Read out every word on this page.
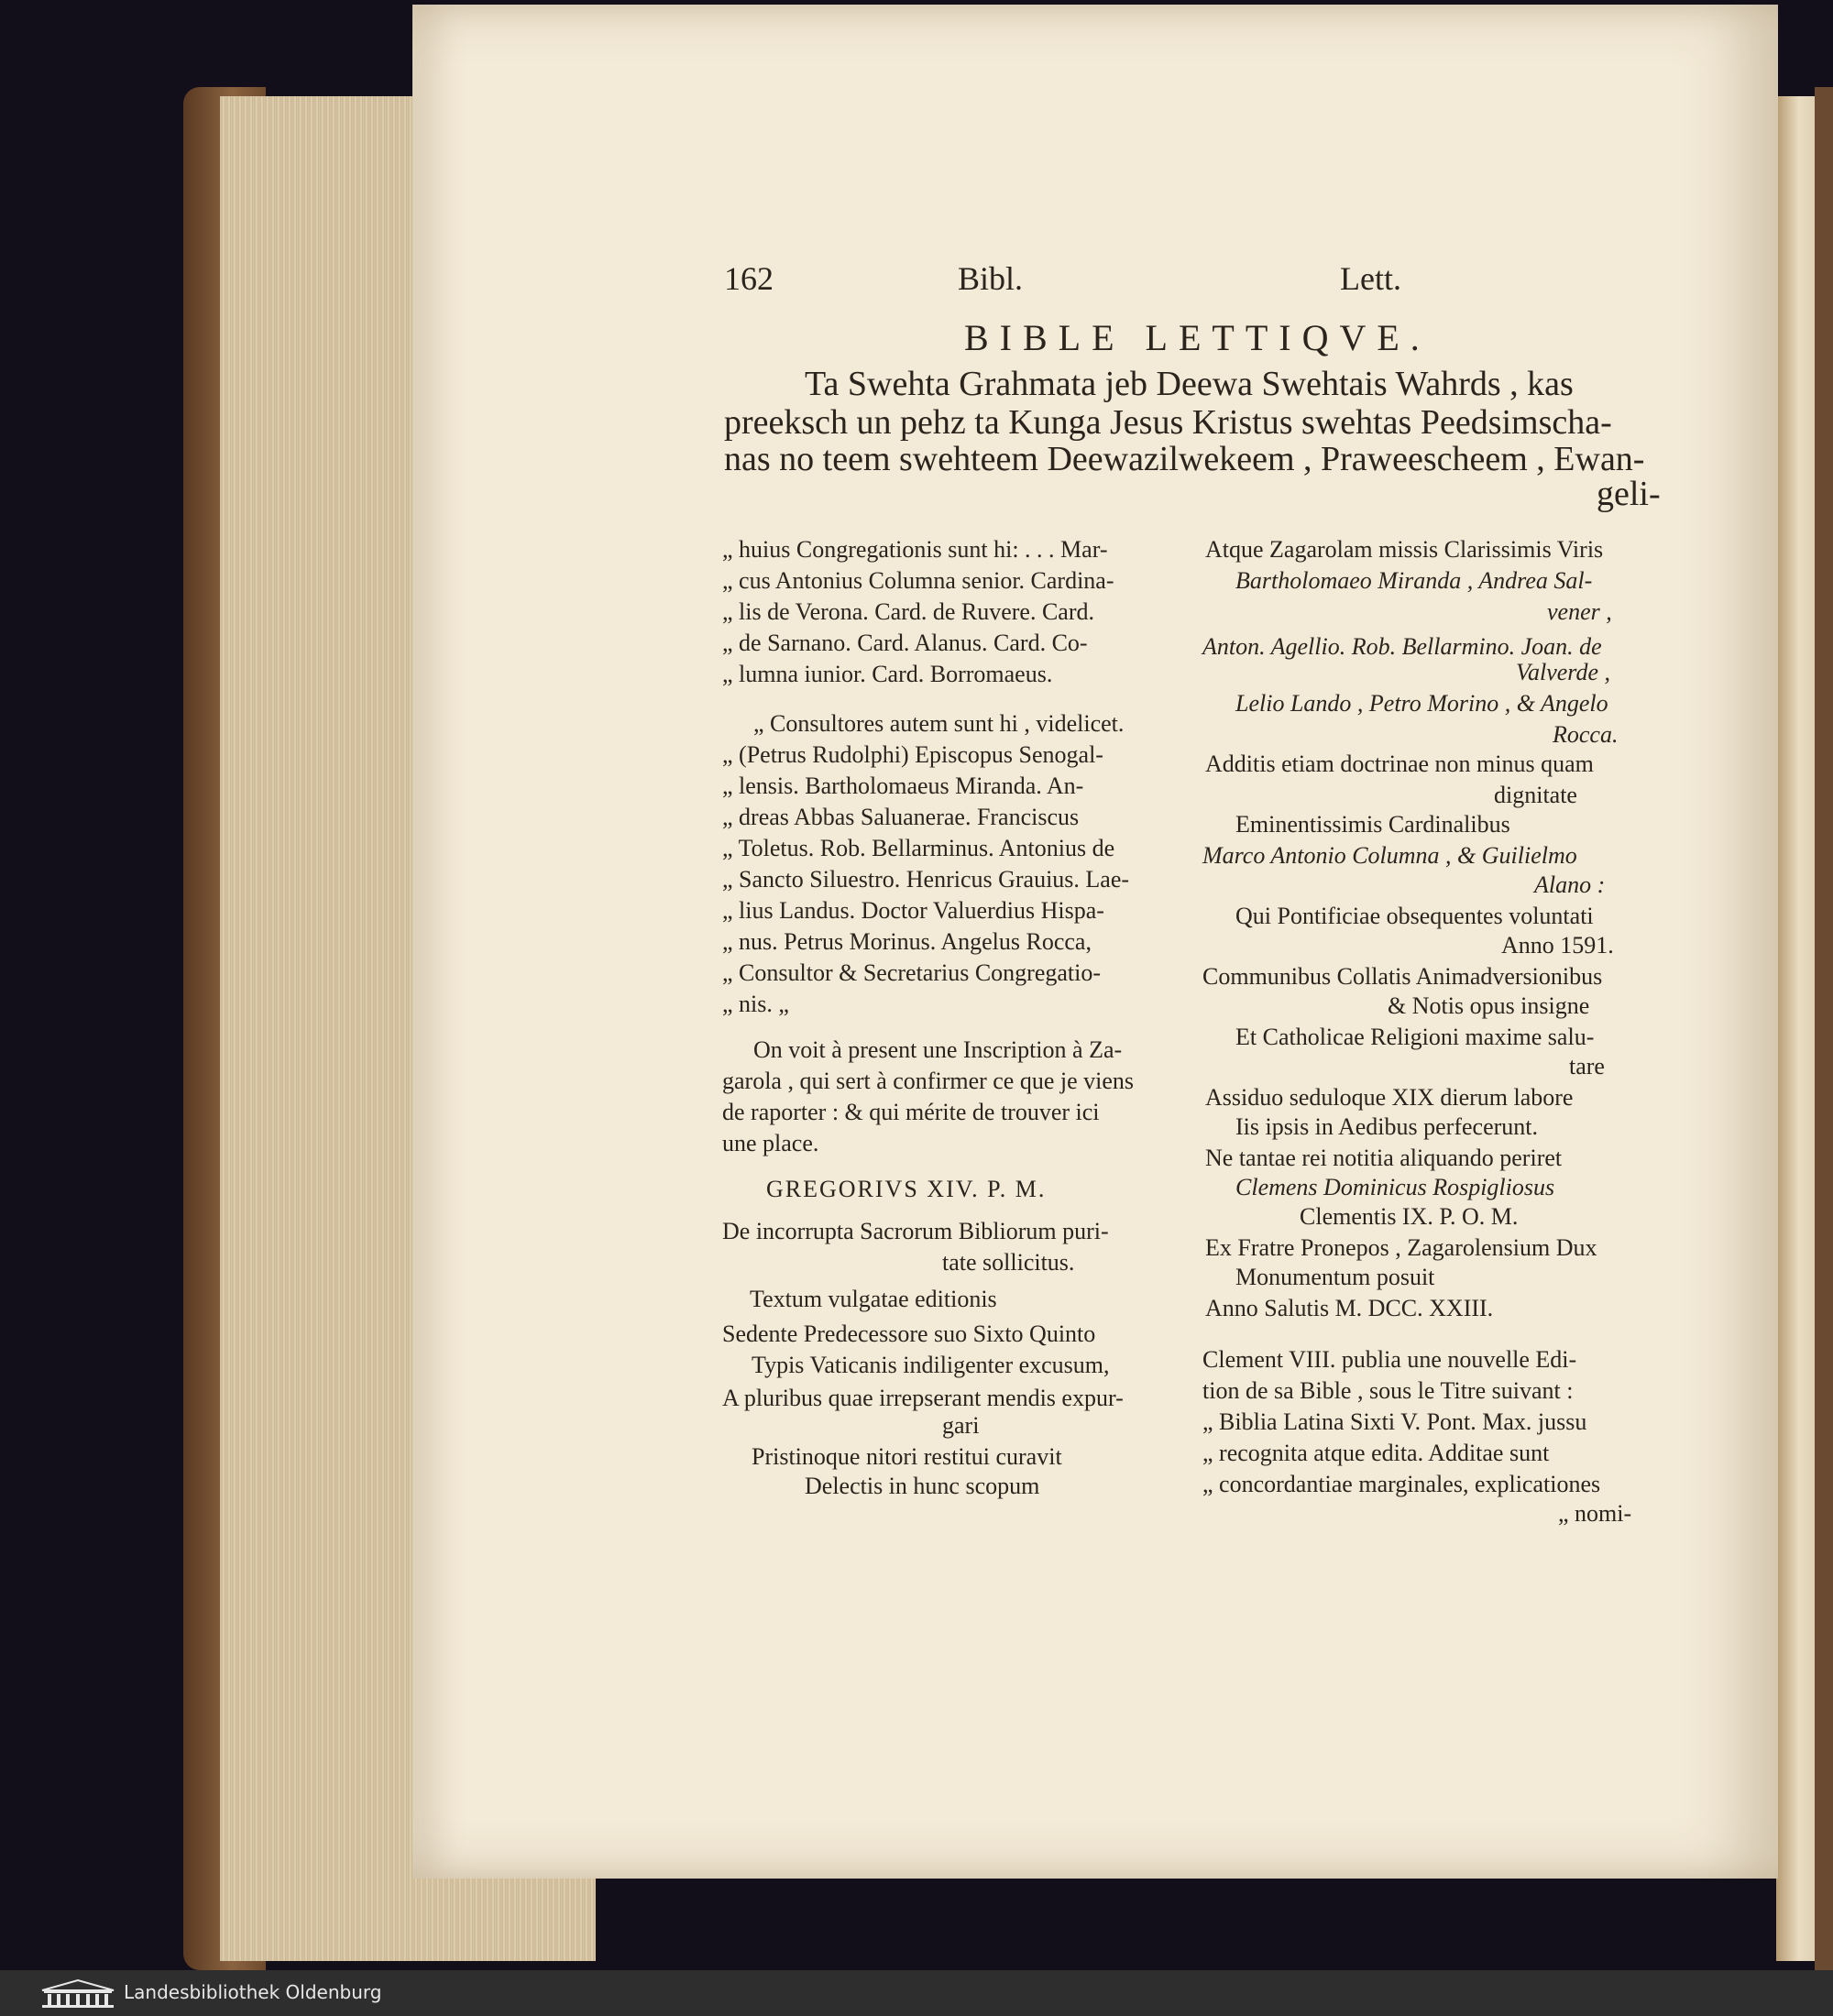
162	Bibl.	Lett.
BIBLE LETTIQVE.
Ta Swehta Grahmata jeb Deewa Swehtais Wahrds , kas
preeksch un pehz ta Kunga Jesus Kristus swehtas Peedsimscha-
nas no teem swehteem Deewazilwekeem , Praweescheem , Ewan-
geli-
„ huius Congregationis sunt hi: . . . Mar-
„ cus Antonius Columna senior. Cardina-
„ lis de Verona. Card. de Ruvere. Card.
„ de Sarnano. Card. Alanus. Card. Co-
„ lumna iunior. Card. Borromaeus.
„ Consultores autem sunt hi , videlicet.
„ (Petrus Rudolphi) Episcopus Senogal-
„ lensis. Bartholomaeus Miranda. An-
„ dreas Abbas Saluanerae. Franciscus
„ Toletus. Rob. Bellarminus. Antonius de
„ Sancto Siluestro. Henricus Grauius. Lae-
„ lius Landus. Doctor Valuerdius Hispa-
„ nus. Petrus Morinus. Angelus Rocca,
„ Consultor & Secretarius Congregatio-
„ nis. „
On voit à present une Inscription à Za-
garola , qui sert à confirmer ce que je viens
de raporter : & qui mérite de trouver ici
une place.
GREGORIVS XIV. P. M.
De incorrupta Sacrorum Bibliorum puri-
tate sollicitus.
Textum vulgatae editionis
Sedente Predecessore suo Sixto Quinto
Typis Vaticanis indiligenter excusum,
A pluribus quae irrepserant mendis expur-
gari
Pristinoque nitori restitui curavit
Delectis in hunc scopum
Atque Zagarolam missis Clarissimis Viris
Bartholomaeo Miranda , Andrea Sal-
vener ,
Anton. Agellio. Rob. Bellarmino. Joan. de
Valverde ,
Lelio Lando , Petro Morino , & Angelo
Rocca.
Additis etiam doctrinae non minus quam
dignitate
Eminentissimis Cardinalibus
Marco Antonio Columna , & Guilielmo
Alano :
Qui Pontificiae obsequentes voluntati
Anno 1591.
Communibus Collatis Animadversionibus
& Notis opus insigne
Et Catholicae Religioni maxime salu-
tare
Assiduo seduloque XIX dierum labore
Iis ipsis in Aedibus perfecerunt.
Ne tantae rei notitia aliquando periret
Clemens Dominicus Rospigliosus
Clementis IX. P. O. M.
Ex Fratre Pronepos , Zagarolensium Dux
Monumentum posuit
Anno Salutis M. DCC. XXIII.
Clement VIII. publia une nouvelle Edi-
tion de sa Bible , sous le Titre suivant :
„ Biblia Latina Sixti V. Pont. Max. jussu
„ recognita atque edita. Additae sunt
„ concordantiae marginales, explicationes
„ nomi-
Landesbibliothek Oldenburg
